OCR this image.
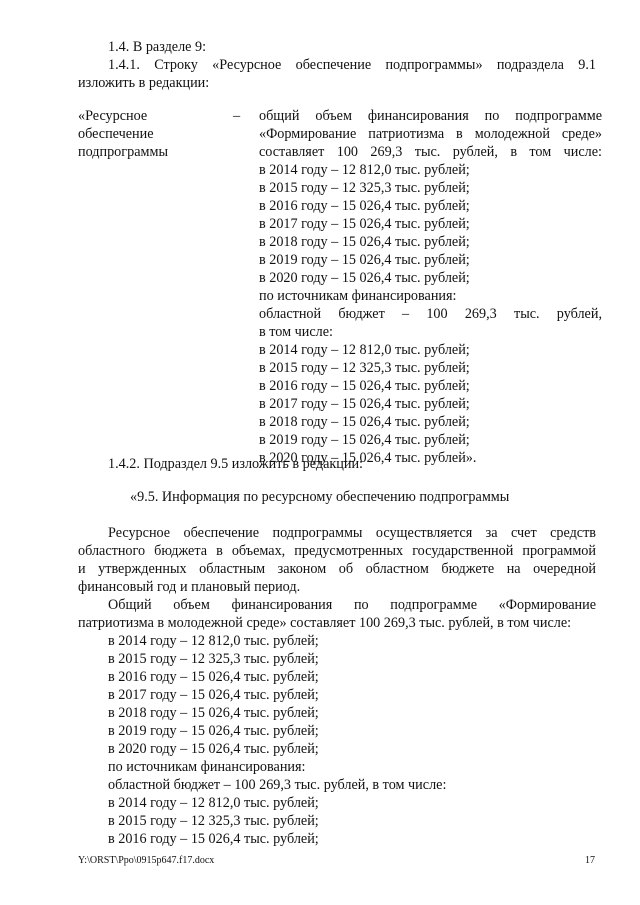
1.4. В разделе 9:
1.4.1. Строку «Ресурсное обеспечение подпрограммы» подраздела 9.1
изложить в редакции:
«Ресурсное
обеспечение
подпрограммы
– общий объем финансирования по подпрограмме
«Формирование патриотизма в молодежной среде»
составляет 100 269,3 тыс. рублей, в том числе:
в 2014 году – 12 812,0 тыс. рублей;
в 2015 году – 12 325,3 тыс. рублей;
в 2016 году – 15 026,4 тыс. рублей;
в 2017 году – 15 026,4 тыс. рублей;
в 2018 году – 15 026,4 тыс. рублей;
в 2019 году – 15 026,4 тыс. рублей;
в 2020 году – 15 026,4 тыс. рублей;
по источникам финансирования:
областной бюджет – 100 269,3 тыс. рублей,
в том числе:
в 2014 году – 12 812,0 тыс. рублей;
в 2015 году – 12 325,3 тыс. рублей;
в 2016 году – 15 026,4 тыс. рублей;
в 2017 году – 15 026,4 тыс. рублей;
в 2018 году – 15 026,4 тыс. рублей;
в 2019 году – 15 026,4 тыс. рублей;
в 2020 году – 15 026,4 тыс. рублей».
1.4.2. Подраздел 9.5 изложить в редакции:
«9.5. Информация по ресурсному обеспечению подпрограммы
Ресурсное обеспечение подпрограммы осуществляется за счет средств
областного бюджета в объемах, предусмотренных государственной программой
и утвержденных областным законом об областном бюджете на очередной
финансовый год и плановый период.
Общий объем финансирования по подпрограмме «Формирование
патриотизма в молодежной среде» составляет 100 269,3 тыс. рублей, в том числе:
в 2014 году – 12 812,0 тыс. рублей;
в 2015 году – 12 325,3 тыс. рублей;
в 2016 году – 15 026,4 тыс. рублей;
в 2017 году – 15 026,4 тыс. рублей;
в 2018 году – 15 026,4 тыс. рублей;
в 2019 году – 15 026,4 тыс. рублей;
в 2020 году – 15 026,4 тыс. рублей;
по источникам финансирования:
областной бюджет – 100 269,3 тыс. рублей, в том числе:
в 2014 году – 12 812,0 тыс. рублей;
в 2015 году – 12 325,3 тыс. рублей;
в 2016 году – 15 026,4 тыс. рублей;
Y:\ORST\Ppo\0915p647.f17.docx	17
